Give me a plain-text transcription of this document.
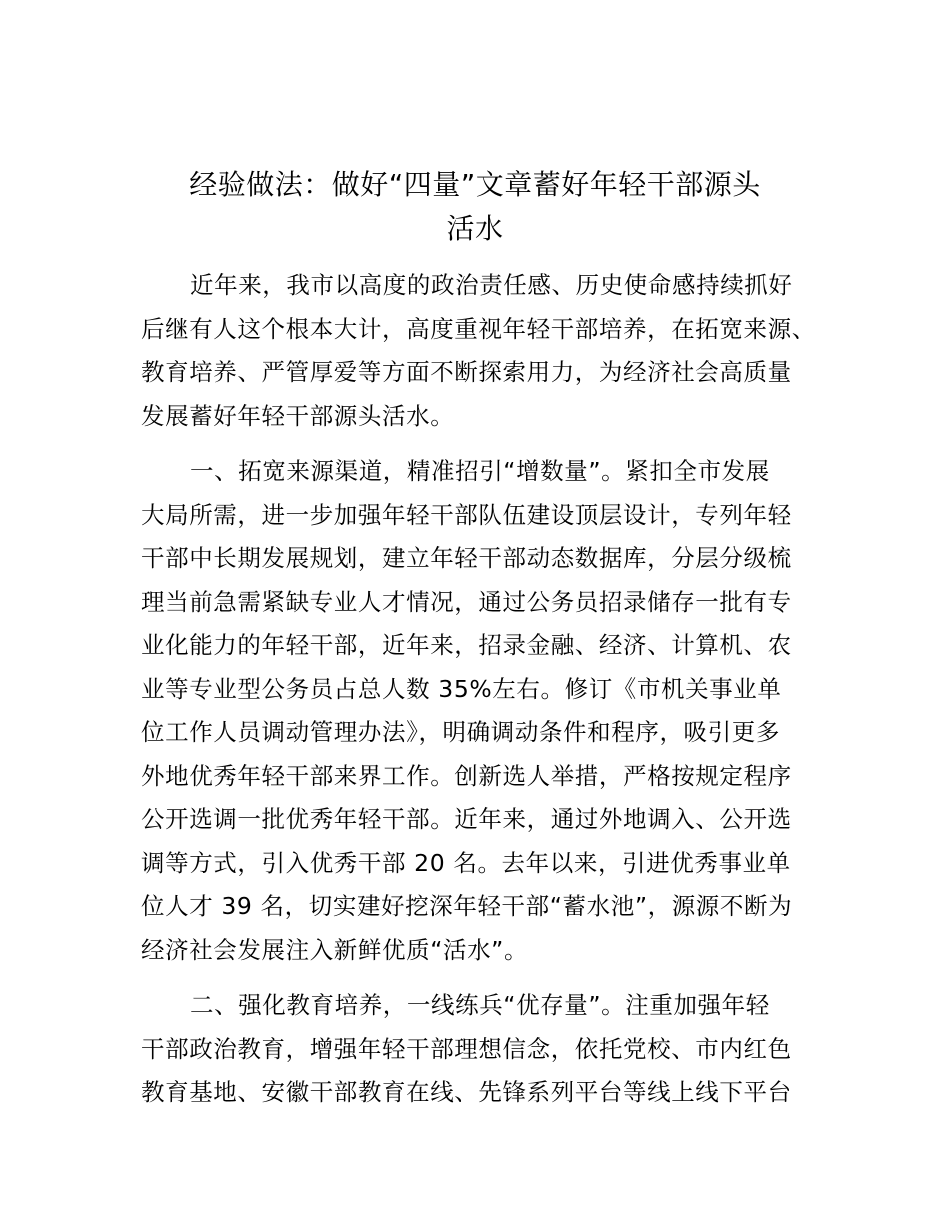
经验做法：做好“四量”文章蓄好年轻干部源头
活水
近年来，我市以高度的政治责任感、历史使命感持续抓好
后继有人这个根本大计，高度重视年轻干部培养，在拓宽来源、
教育培养、严管厚爱等方面不断探索用力，为经济社会高质量
发展蓄好年轻干部源头活水。
一、拓宽来源渠道，精准招引“增数量”。紧扣全市发展
大局所需，进一步加强年轻干部队伍建设顶层设计，专列年轻
干部中长期发展规划，建立年轻干部动态数据库，分层分级梳
理当前急需紧缺专业人才情况，通过公务员招录储存一批有专
业化能力的年轻干部，近年来，招录金融、经济、计算机、农
业等专业型公务员占总人数 35%左右。修订《市机关事业单
位工作人员调动管理办法》，明确调动条件和程序，吸引更多
外地优秀年轻干部来界工作。创新选人举措，严格按规定程序
公开选调一批优秀年轻干部。近年来，通过外地调入、公开选
调等方式，引入优秀干部 20 名。去年以来，引进优秀事业单
位人才 39 名，切实建好挖深年轻干部“蓄水池”，源源不断为
经济社会发展注入新鲜优质“活水”。
二、强化教育培养，一线练兵“优存量”。注重加强年轻
干部政治教育，增强年轻干部理想信念，依托党校、市内红色
教育基地、安徽干部教育在线、先锋系列平台等线上线下平台
